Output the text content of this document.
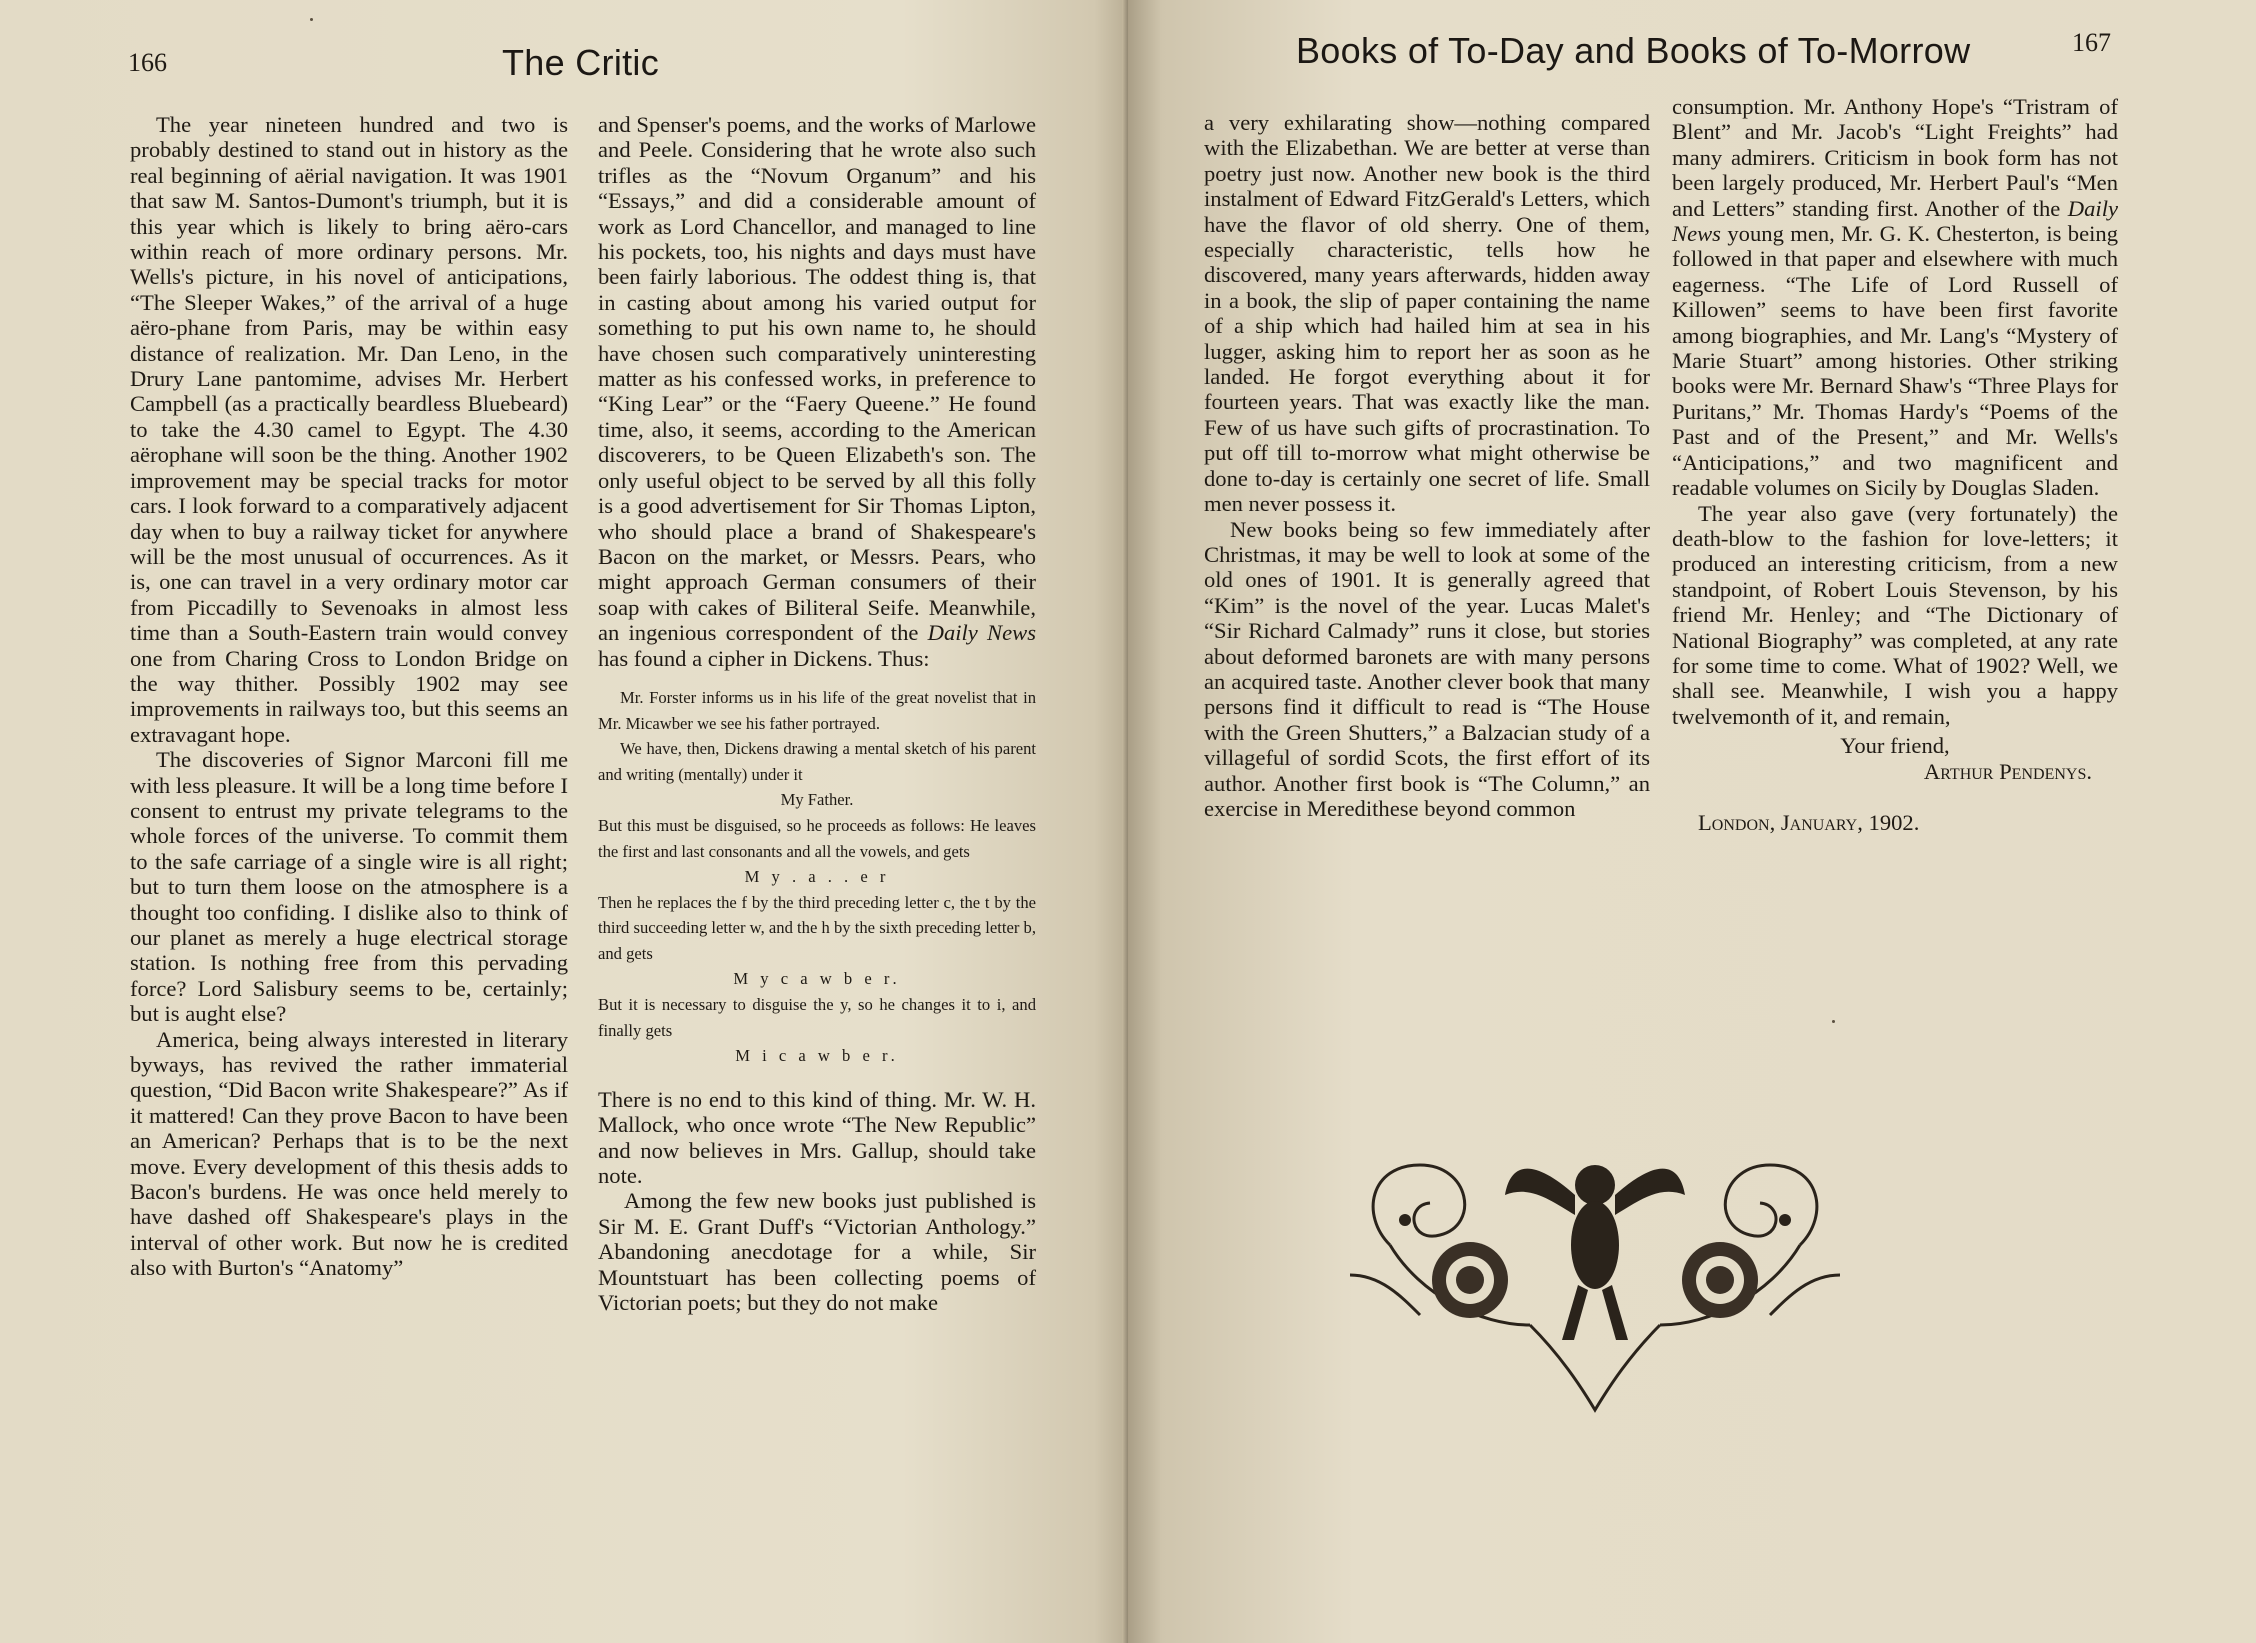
166	The Critic

The year nineteen hundred and two is probably destined to stand out in history as the real beginning of aërial navigation. It was 1901 that saw M. Santos-Dumont's triumph, but it is this year which is likely to bring aëro-cars within reach of more ordinary persons. Mr. Wells's picture, in his novel of anticipations, “The Sleeper Wakes,” of the arrival of a huge aëro-phane from Paris, may be within easy distance of realization. Mr. Dan Leno, in the Drury Lane pantomime, advises Mr. Herbert Campbell (as a practically beardless Bluebeard) to take the 4.30 camel to Egypt. The 4.30 aërophane will soon be the thing. Another 1902 improvement may be special tracks for motor cars. I look forward to a comparatively adjacent day when to buy a railway ticket for anywhere will be the most unusual of occurrences. As it is, one can travel in a very ordinary motor car from Piccadilly to Sevenoaks in almost less time than a South-Eastern train would convey one from Charing Cross to London Bridge on the way thither. Possibly 1902 may see improvements in railways too, but this seems an extravagant hope.

The discoveries of Signor Marconi fill me with less pleasure. It will be a long time before I consent to entrust my private telegrams to the whole forces of the universe. To commit them to the safe carriage of a single wire is all right; but to turn them loose on the atmosphere is a thought too confiding. I dislike also to think of our planet as merely a huge electrical storage station. Is nothing free from this pervading force? Lord Salisbury seems to be, certainly; but is aught else?

America, being always interested in literary byways, has revived the rather immaterial question, “Did Bacon write Shakespeare?” As if it mattered! Can they prove Bacon to have been an American? Perhaps that is to be the next move. Every development of this thesis adds to Bacon's burdens. He was once held merely to have dashed off Shakespeare's plays in the interval of other work. But now he is credited also with Burton's “Anatomy”

and Spenser's poems, and the works of Marlowe and Peele. Considering that he wrote also such trifles as the “Novum Organum” and his “Essays,” and did a considerable amount of work as Lord Chancellor, and managed to line his pockets, too, his nights and days must have been fairly laborious. The oddest thing is, that in casting about among his varied output for something to put his own name to, he should have chosen such comparatively uninteresting matter as his confessed works, in preference to “King Lear” or the “Faery Queene.” He found time, also, it seems, according to the American discoverers, to be Queen Elizabeth's son. The only useful object to be served by all this folly is a good advertisement for Sir Thomas Lipton, who should place a brand of Shakespeare's Bacon on the market, or Messrs. Pears, who might approach German consumers of their soap with cakes of Biliteral Seife. Meanwhile, an ingenious correspondent of the Daily News has found a cipher in Dickens. Thus:

Mr. Forster informs us in his life of the great novelist that in Mr. Micawber we see his father portrayed.

We have, then, Dickens drawing a mental sketch of his parent and writing (mentally) under it

My Father.

But this must be disguised, so he proceeds as follows: He leaves the first and last consonants and all the vowels, and gets

M y . a . . e r

Then he replaces the f by the third preceding letter c, the t by the third succeeding letter w, and the h by the sixth preceding letter b, and gets

M y c a w b e r.

But it is necessary to disguise the y, so he changes it to i, and finally gets

M i c a w b e r.

There is no end to this kind of thing. Mr. W. H. Mallock, who once wrote “The New Republic” and now believes in Mrs. Gallup, should take note.

Among the few new books just published is Sir M. E. Grant Duff's “Victorian Anthology.” Abandoning anecdotage for a while, Sir Mountstuart has been collecting poems of Victorian poets; but they do not make

Books of To-Day and Books of To-Morrow	167

a very exhilarating show—nothing compared with the Elizabethan. We are better at verse than poetry just now. Another new book is the third instalment of Edward FitzGerald's Letters, which have the flavor of old sherry. One of them, especially characteristic, tells how he discovered, many years afterwards, hidden away in a book, the slip of paper containing the name of a ship which had hailed him at sea in his lugger, asking him to report her as soon as he landed. He forgot everything about it for fourteen years. That was exactly like the man. Few of us have such gifts of procrastination. To put off till to-morrow what might otherwise be done to-day is certainly one secret of life. Small men never possess it.

New books being so few immediately after Christmas, it may be well to look at some of the old ones of 1901. It is generally agreed that “Kim” is the novel of the year. Lucas Malet's “Sir Richard Calmady” runs it close, but stories about deformed baronets are with many persons an acquired taste. Another clever book that many persons find it difficult to read is “The House with the Green Shutters,” a Balzacian study of a villageful of sordid Scots, the first effort of its author. Another first book is “The Column,” an exercise in Meredithese beyond common

consumption. Mr. Anthony Hope's “Tristram of Blent” and Mr. Jacob's “Light Freights” had many admirers. Criticism in book form has not been largely produced, Mr. Herbert Paul's “Men and Letters” standing first. Another of the Daily News young men, Mr. G. K. Chesterton, is being followed in that paper and elsewhere with much eagerness. “The Life of Lord Russell of Killowen” seems to have been first favorite among biographies, and Mr. Lang's “Mystery of Marie Stuart” among histories. Other striking books were Mr. Bernard Shaw's “Three Plays for Puritans,” Mr. Thomas Hardy's “Poems of the Past and of the Present,” and Mr. Wells's “Anticipations,” and two magnificent and readable volumes on Sicily by Douglas Sladen.

The year also gave (very fortunately) the death-blow to the fashion for love-letters; it produced an interesting criticism, from a new standpoint, of Robert Louis Stevenson, by his friend Mr. Henley; and “The Dictionary of National Biography” was completed, at any rate for some time to come. What of 1902? Well, we shall see. Meanwhile, I wish you a happy twelvemonth of it, and remain,

Your friend,

Arthur Pendenys.

London, January, 1902.
